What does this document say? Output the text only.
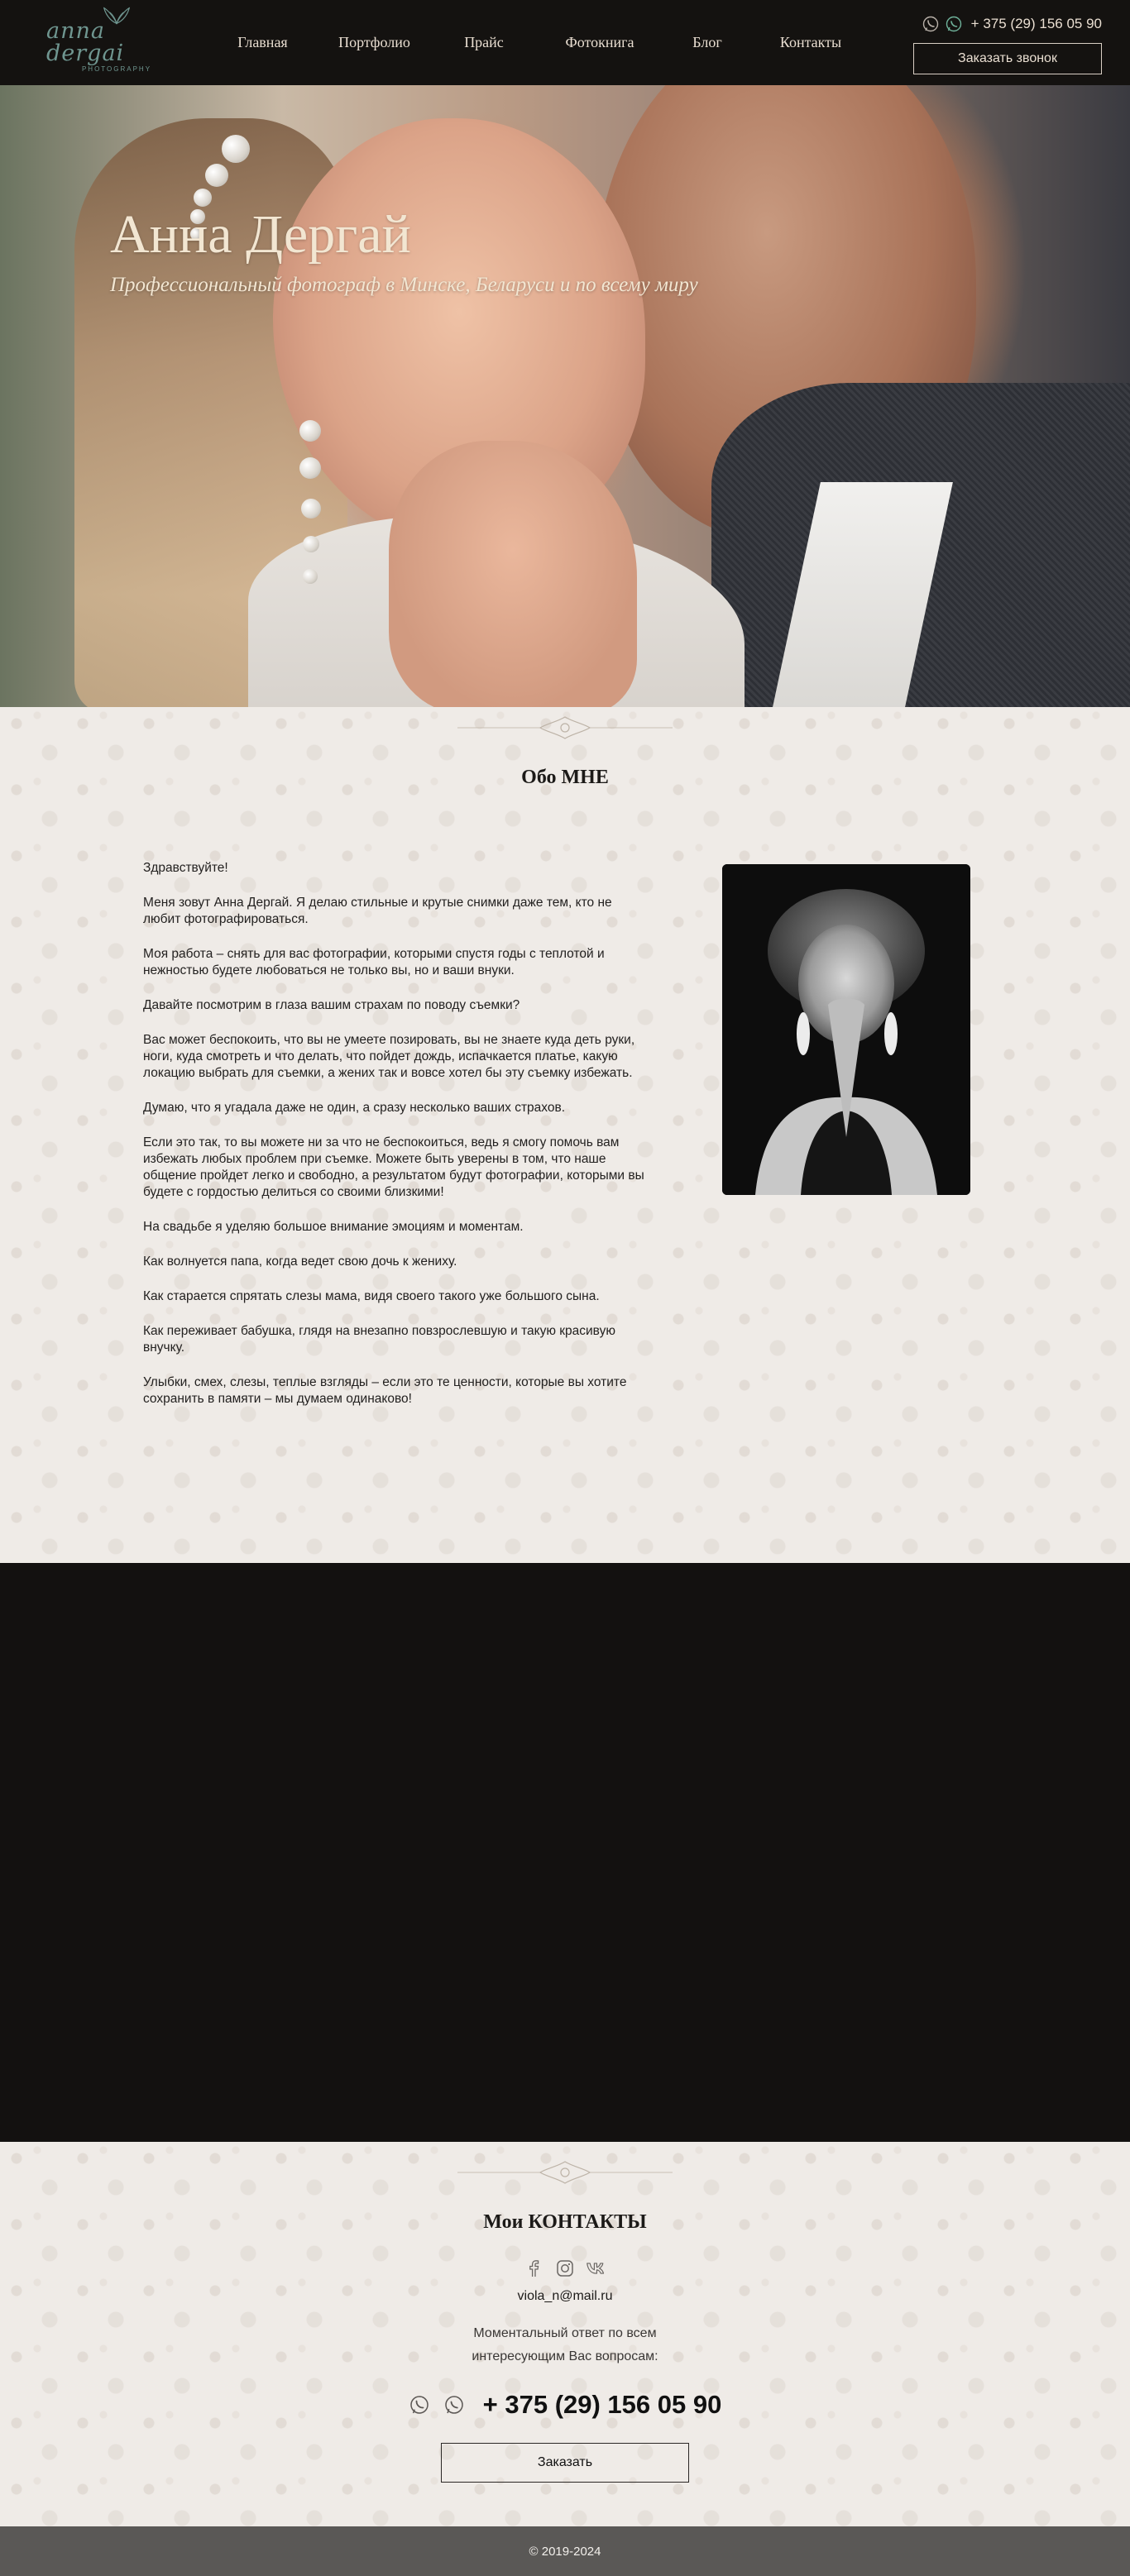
anna dergai
PHOTOGRAPHY
Главная	Портфолио	Прайс	Фотокнига	Блог	Контакты
+ 375 (29) 156 05 90
Заказать звонок
Анна Дергай
Профессиональный фотограф в Минске, Беларуси и по всему миру
Обо МНЕ

Здравствуйте!

Меня зовут Анна Дергай. Я делаю стильные и крутые снимки даже тем, кто не любит фотографироваться.

Моя работа – снять для вас фотографии, которыми спустя годы с теплотой и нежностью будете любоваться не только вы, но и ваши внуки.

Давайте посмотрим в глаза вашим страхам по поводу съемки?

Вас может беспокоить, что вы не умеете позировать, вы не знаете куда деть руки, ноги, куда смотреть и что делать, что пойдет дождь, испачкается платье, какую локацию выбрать для съемки, а жених так и вовсе хотел бы эту съемку избежать.

Думаю, что я угадала даже не один, а сразу несколько ваших страхов.

Если это так, то вы можете ни за что не беспокоиться, ведь я смогу помочь вам избежать любых проблем при съемке. Можете быть уверены в том, что наше общение пройдет легко и свободно, а результатом будут фотографии, которыми вы будете с гордостью делиться со своими близкими!

На свадьбе я уделяю большое внимание эмоциям и моментам.

Как волнуется папа, когда ведет свою дочь к жениху.

Как старается спрятать слезы мама, видя своего такого уже большого сына.

Как переживает бабушка, глядя на внезапно повзрослевшую и такую красивую внучку.

Улыбки, смех, слезы, теплые взгляды – если это те ценности, которые вы хотите сохранить в памяти – мы думаем одинаково!

Мои КОНТАКТЫ
viola_n@mail.ru
Моментальный ответ по всем интересующим Вас вопросам:
+ 375 (29) 156 05 90
Заказать
© 2019-2024
